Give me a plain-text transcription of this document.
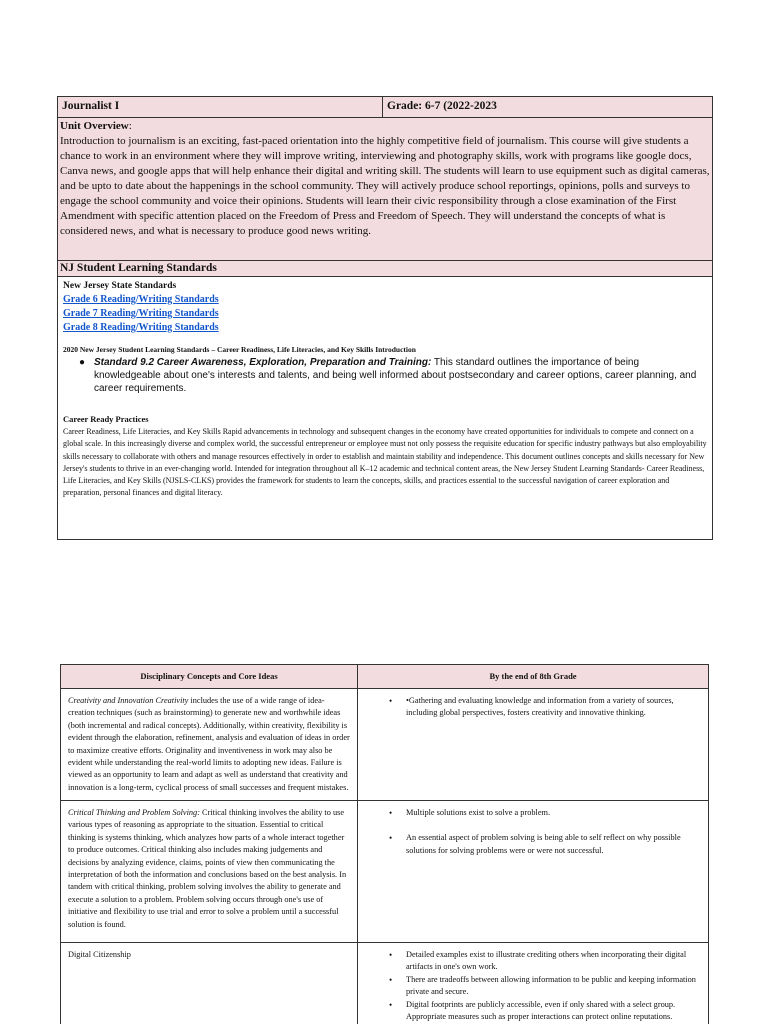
Journalist I	Grade: 6-7 (2022-2023
Unit Overview:
Introduction to journalism is an exciting, fast-paced orientation into the highly competitive field of journalism. This course will give students a chance to work in an environment where they will improve writing, interviewing and photography skills, work with programs like google docs, Canva news, and google apps that will help enhance their digital and writing skill. The students will learn to use equipment such as digital cameras, and be upto to date about the happenings in the school community. They will actively produce school reportings, opinions, polls and surveys to engage the school community and voice their opinions. Students will learn their civic responsibility through a close examination of the First Amendment with specific attention placed on the Freedom of Press and Freedom of Speech. They will understand the concepts of what is considered news, and what is necessary to produce good news writing.
NJ Student Learning Standards
New Jersey State Standards
Grade 6 Reading/Writing Standards
Grade 7 Reading/Writing Standards
Grade 8 Reading/Writing Standards
2020 New Jersey Student Learning Standards – Career Readiness, Life Literacies, and Key Skills Introduction
● Standard 9.2 Career Awareness, Exploration, Preparation and Training: This standard outlines the importance of being knowledgeable about one's interests and talents, and being well informed about postsecondary and career options, career planning, and career requirements.
Career Ready Practices
Career Readiness, Life Literacies, and Key Skills Rapid advancements in technology and subsequent changes in the economy have created opportunities for individuals to compete and connect on a global scale. In this increasingly diverse and complex world, the successful entrepreneur or employee must not only possess the requisite education for specific industry pathways but also employability skills necessary to collaborate with others and manage resources effectively in order to establish and maintain stability and independence. This document outlines concepts and skills necessary for New Jersey's students to thrive in an ever-changing world. Intended for integration throughout all K–12 academic and technical content areas, the New Jersey Student Learning Standards- Career Readiness, Life Literacies, and Key Skills (NJSLS-CLKS) provides the framework for students to learn the concepts, skills, and practices essential to the successful navigation of career exploration and preparation, personal finances and digital literacy.
Disciplinary Concepts and Core Ideas	By the end of 8th Grade
Creativity and Innovation Creativity includes the use of a wide range of idea-creation techniques (such as brainstorming) to generate new and worthwhile ideas (both incremental and radical concepts). Additionally, within creativity, flexibility is evident through the elaboration, refinement, analysis and evaluation of ideas in order to maximize creative efforts. Originality and inventiveness in work may also be evident while understanding the real-world limits to adopting new ideas. Failure is viewed as an opportunity to learn and adapt as well as understand that creativity and innovation is a long-term, cyclical process of small successes and frequent mistakes.
• •Gathering and evaluating knowledge and information from a variety of sources, including global perspectives, fosters creativity and innovative thinking.
Critical Thinking and Problem Solving: Critical thinking involves the ability to use various types of reasoning as appropriate to the situation. Essential to critical thinking is systems thinking, which analyzes how parts of a whole interact together to produce outcomes. Critical thinking also includes making judgements and decisions by analyzing evidence, claims, points of view then communicating the interpretation of both the information and conclusions based on the best analysis. In tandem with critical thinking, problem solving involves the ability to generate and execute a solution to a problem. Problem solving occurs through one's use of initiative and flexibility to use trial and error to solve a problem until a successful solution is found.
• Multiple solutions exist to solve a problem.
• An essential aspect of problem solving is being able to self reflect on why possible solutions for solving problems were or were not successful.
Digital Citizenship
•	Detailed examples exist to illustrate crediting others when incorporating their digital artifacts in one's own work.
• There are tradeoffs between allowing information to be public and keeping information private and secure.
• Digital footprints are publicly accessible, even if only shared with a select group. Appropriate measures such as proper interactions can protect online reputations.
